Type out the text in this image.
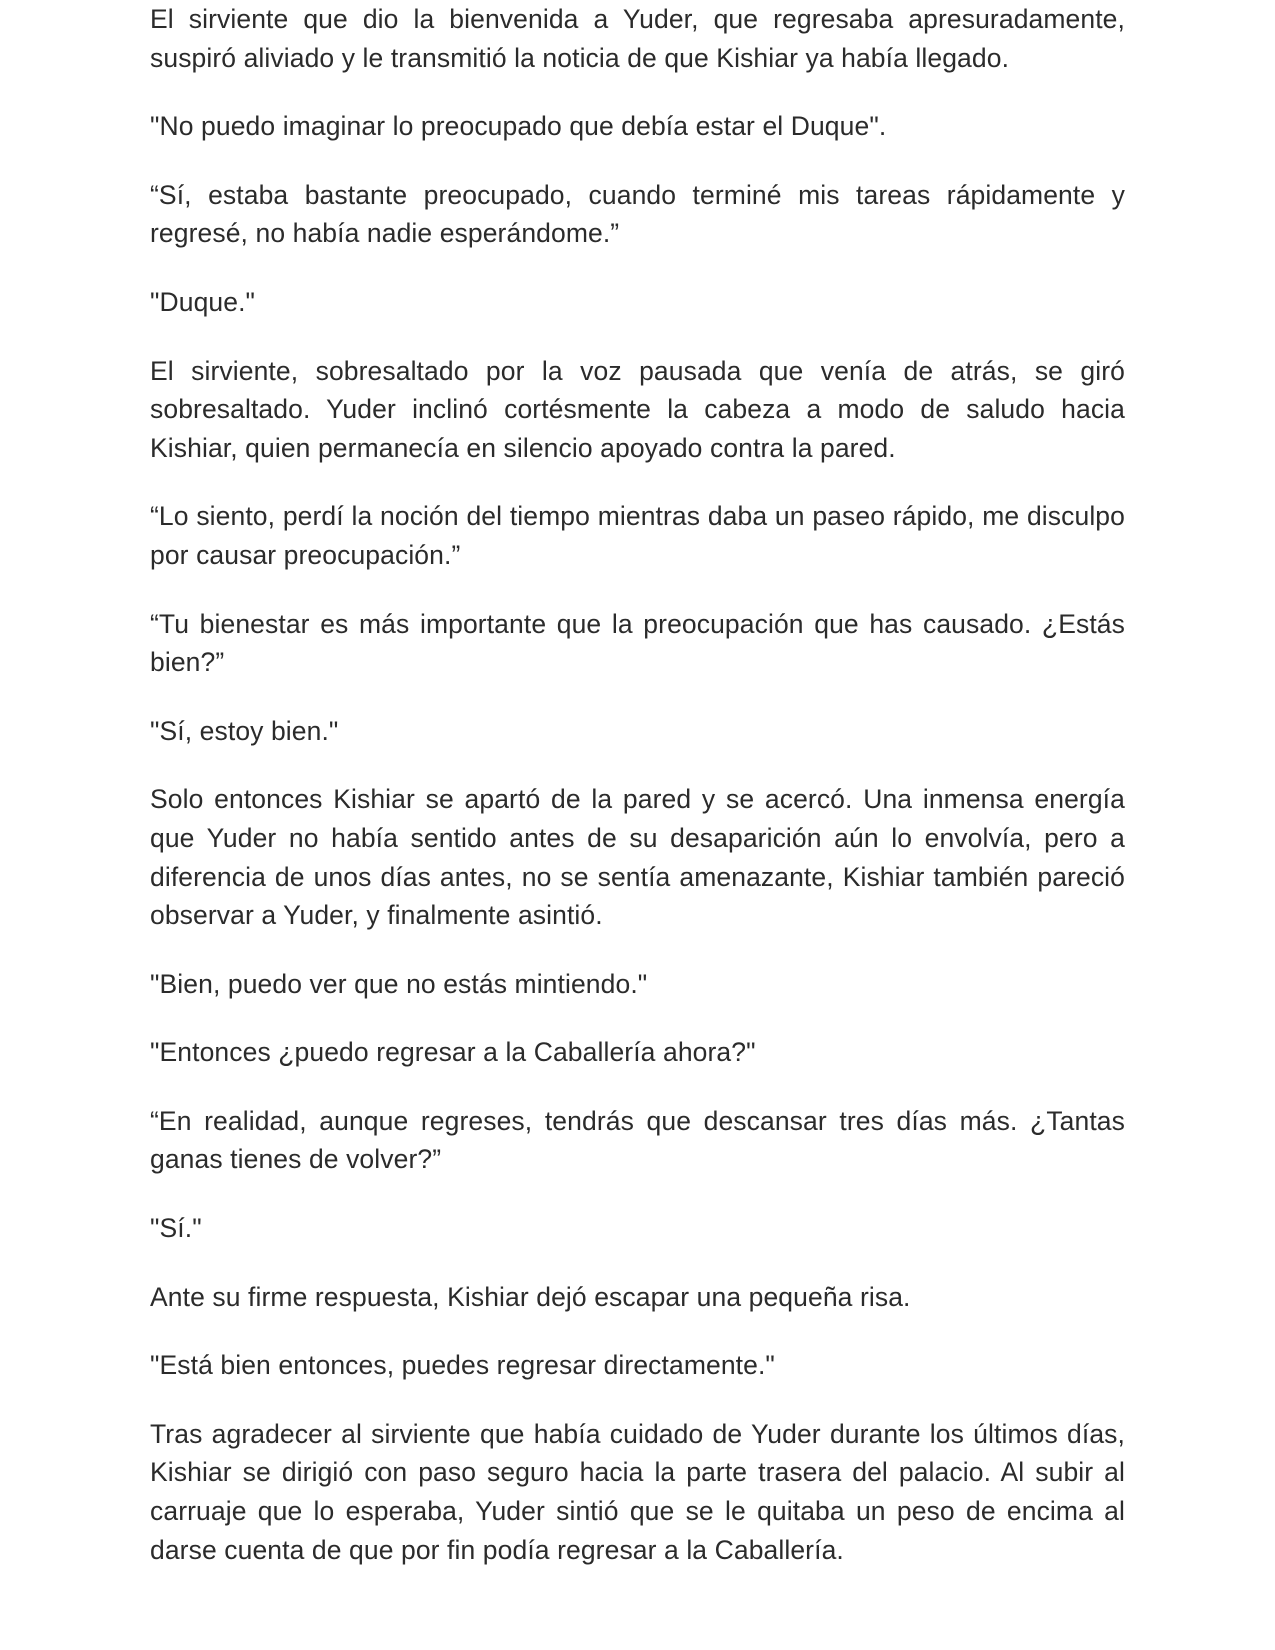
El sirviente que dio la bienvenida a Yuder, que regresaba apresuradamente, suspiró aliviado y le transmitió la noticia de que Kishiar ya había llegado.

"No puedo imaginar lo preocupado que debía estar el Duque".

“Sí, estaba bastante preocupado, cuando terminé mis tareas rápidamente y regresé, no había nadie esperándome.”

"Duque."

El sirviente, sobresaltado por la voz pausada que venía de atrás, se giró sobresaltado. Yuder inclinó cortésmente la cabeza a modo de saludo hacia Kishiar, quien permanecía en silencio apoyado contra la pared.

“Lo siento, perdí la noción del tiempo mientras daba un paseo rápido, me disculpo por causar preocupación.”

“Tu bienestar es más importante que la preocupación que has causado. ¿Estás bien?”

"Sí, estoy bien."

Solo entonces Kishiar se apartó de la pared y se acercó. Una inmensa energía que Yuder no había sentido antes de su desaparición aún lo envolvía, pero a diferencia de unos días antes, no se sentía amenazante, Kishiar también pareció observar a Yuder, y finalmente asintió.

"Bien, puedo ver que no estás mintiendo."

"Entonces ¿puedo regresar a la Caballería ahora?"

“En realidad, aunque regreses, tendrás que descansar tres días más. ¿Tantas ganas tienes de volver?”

"Sí."

Ante su firme respuesta, Kishiar dejó escapar una pequeña risa.

"Está bien entonces, puedes regresar directamente."

Tras agradecer al sirviente que había cuidado de Yuder durante los últimos días, Kishiar se dirigió con paso seguro hacia la parte trasera del palacio. Al subir al carruaje que lo esperaba, Yuder sintió que se le quitaba un peso de encima al darse cuenta de que por fin podía regresar a la Caballería.
